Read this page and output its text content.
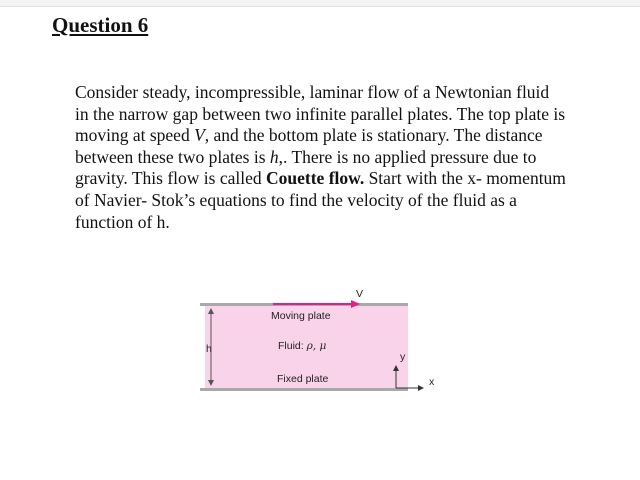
Question 6
Consider steady, incompressible, laminar flow of a Newtonian fluid in the narrow gap between two infinite parallel plates. The top plate is moving at speed V, and the bottom plate is stationary. The distance between these two plates is h,. There is no applied pressure due to gravity. This flow is called Couette flow. Start with the x- momentum of Navier- Stok’s equations to find the velocity of the fluid as a function of h.
V
h
Moving plate
Fluid: ρ, μ
Fixed plate
y
x
